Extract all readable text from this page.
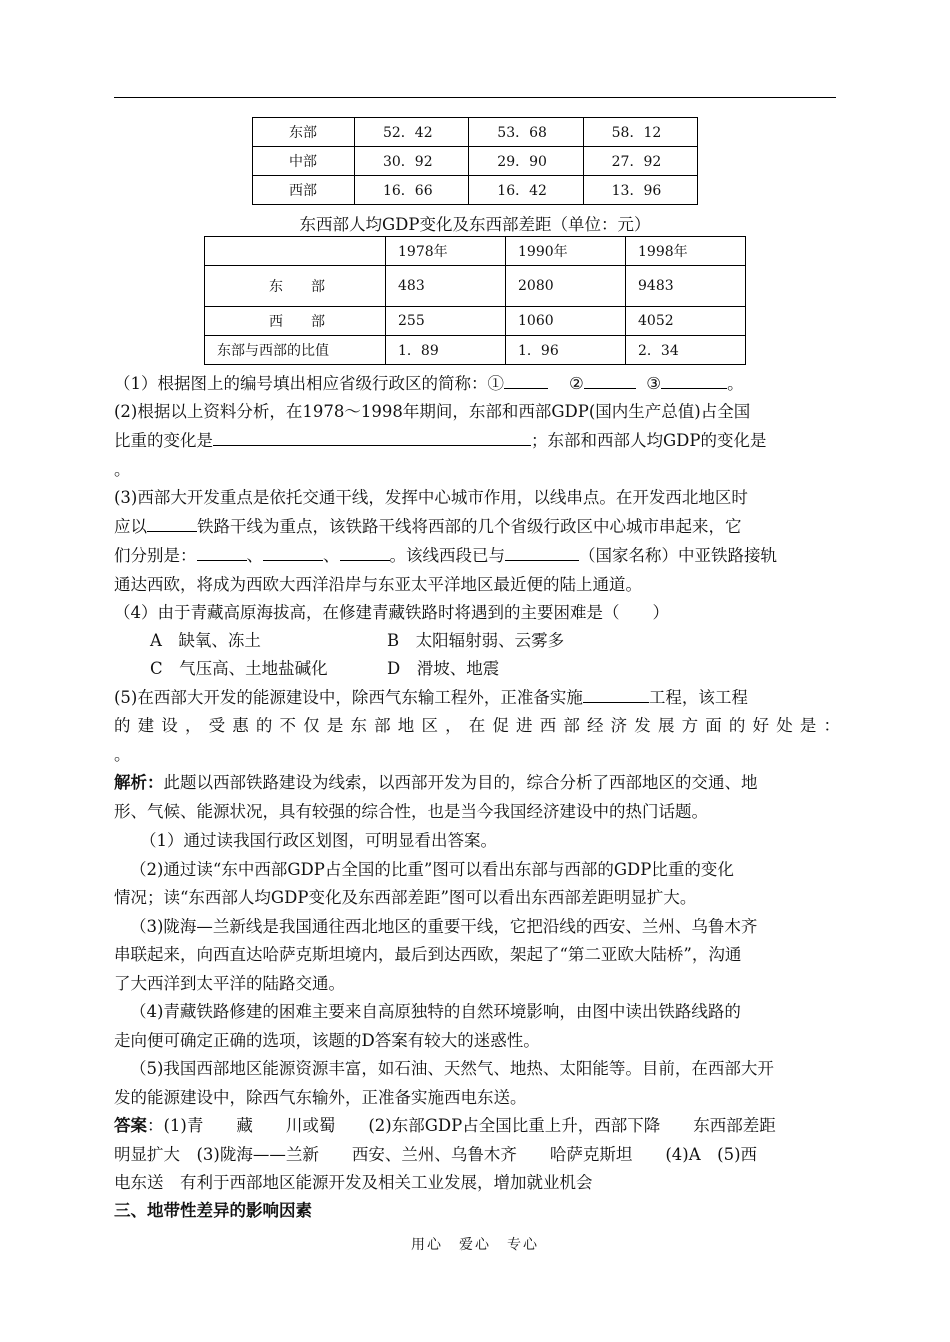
东部	52．42	53．68	58．12
中部	30．92	29．90	27．92
西部	16．66	16．42	13．96
东西部人均GDP变化及东西部差距（单位：元）
	1978年	1990年	1998年
东　　部	483	2080	9483
西　　部	255	1060	4052
东部与西部的比值	1．89	1．96	2．34
（1）根据图上的编号填出相应省级行政区的简称：①	②	③	。
(2)根据以上资料分析，在1978～1998年期间，东部和西部GDP(国内生产总值)占全国
比重的变化是	；东部和西部人均GDP的变化是
。
(3)西部大开发重点是依托交通干线，发挥中心城市作用，以线串点。在开发西北地区时
应以	铁路干线为重点，该铁路干线将西部的几个省级行政区中心城市串起来，它
们分别是：	、	、	。该线西段已与	（国家名称）中亚铁路接轨
通达西欧，将成为西欧大西洋沿岸与东亚太平洋地区最近便的陆上通道。
（4）由于青藏高原海拔高，在修建青藏铁路时将遇到的主要困难是（　　）
A　缺氧、冻土	B　太阳辐射弱、云雾多
C　气压高、土地盐碱化	D　滑坡、地震
(5)在西部大开发的能源建设中，除西气东输工程外，正准备实施	工程，该工程
的建设，受惠的不仅是东部地区，在促进西部经济发展方面的好处是：
。
解析：此题以西部铁路建设为线索，以西部开发为目的，综合分析了西部地区的交通、地
形、气候、能源状况，具有较强的综合性，也是当今我国经济建设中的热门话题。
（1）通过读我国行政区划图，可明显看出答案。
（2)通过读“东中西部GDP占全国的比重”图可以看出东部与西部的GDP比重的变化
情况；读“东西部人均GDP变化及东西部差距”图可以看出东西部差距明显扩大。
（3)陇海—兰新线是我国通往西北地区的重要干线，它把沿线的西安、兰州、乌鲁木齐
串联起来，向西直达哈萨克斯坦境内，最后到达西欧，架起了“第二亚欧大陆桥”，沟通
了大西洋到太平洋的陆路交通。
（4)青藏铁路修建的困难主要来自高原独特的自然环境影响，由图中读出铁路线路的
走向便可确定正确的选项，该题的D答案有较大的迷惑性。
（5)我国西部地区能源资源丰富，如石油、天然气、地热、太阳能等。目前，在西部大开
发的能源建设中，除西气东输外，正准备实施西电东送。
答案：(1)青　　藏　　川或蜀　　(2)东部GDP占全国比重上升，西部下降　　东西部差距
明显扩大　(3)陇海——兰新　　西安、兰州、乌鲁木齐　　哈萨克斯坦　　(4)A　(5)西
电东送　有利于西部地区能源开发及相关工业发展，增加就业机会
三、地带性差异的影响因素
用心　爱心　专心
